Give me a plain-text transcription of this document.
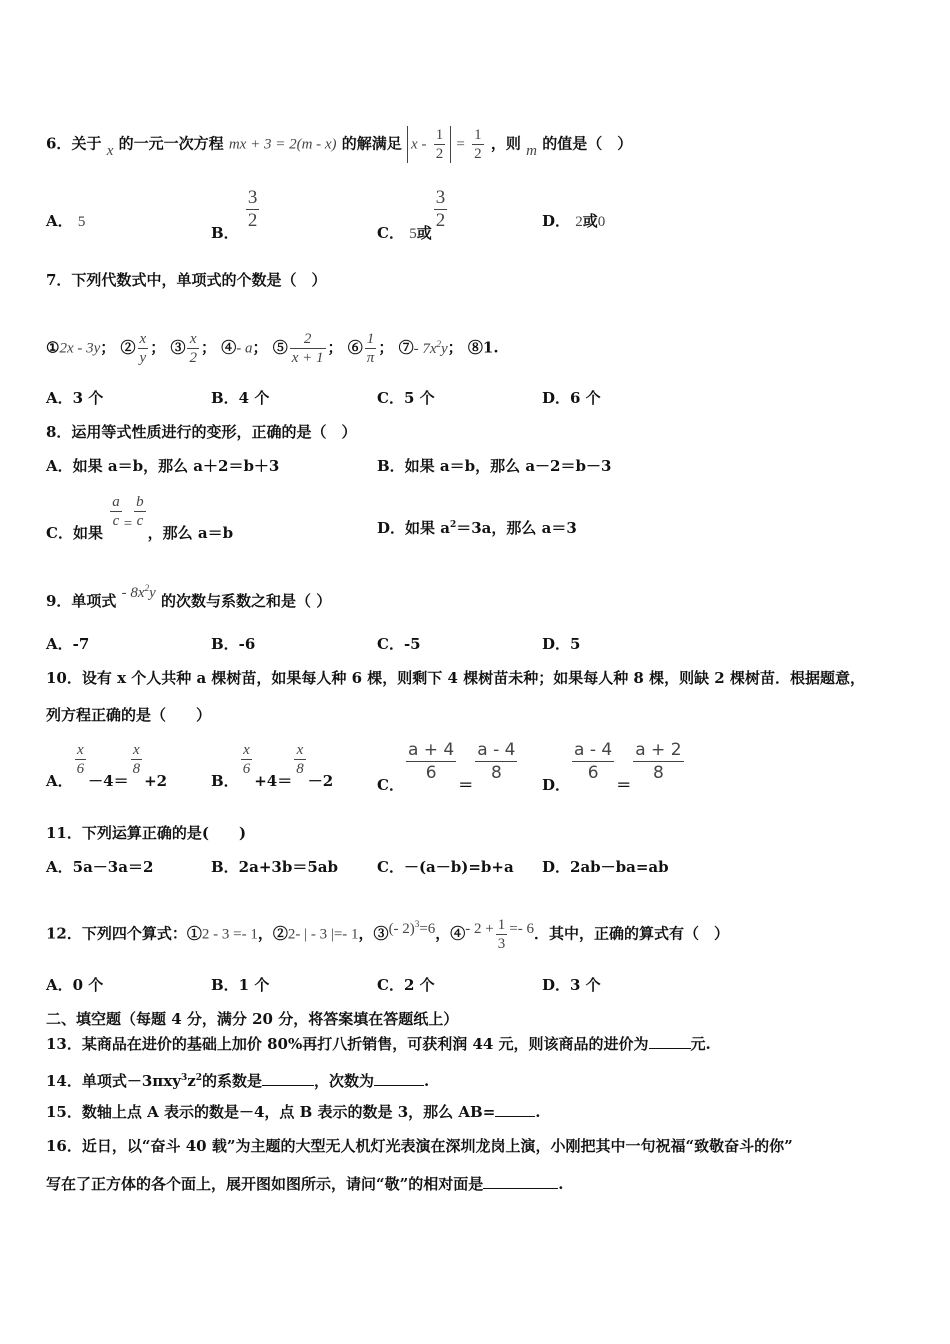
6．关于 x 的一元一次方程 mx + 3 = 2(m - x) 的解满足 $x - \frac{1}{2} = \frac{1}{2}$ ，则 m 的值是（　）
A． 5
B．
$\frac{3}{2}$
C． 5或
$\frac{3}{2}$	D． 2或0
7．下列代数式中，单项式的个数是（　）
①2x - 3y； ② $\frac{x}{y}$ ； ③ $\frac{x}{2}$ ； ④- a； ⑤ $\frac{2}{x + 1}$ ； ⑥ $\frac{1}{\pi}$ ； ⑦- $7x^2y$； ⑧1.
A．3 个	B．4 个	C．5 个	D．6 个
8．运用等式性质进行的变形，正确的是（　）
A．如果 a＝b，那么 a＋2＝b＋3	B．如果 a＝b，那么 a－2＝b－3
C．如果
$\frac{a}{c} = \frac{b}{c}$
，那么 a＝b	D．如果 $a^2=3a$，那么 a＝3
9．单项式 - $8x^2y$ 的次数与系数之和是（ ）
A．-7	B．-6	C．-5	D．5
10．设有 x 个人共种 a 棵树苗，如果每人种 6 棵，则剩下 4 棵树苗未种；如果每人种 8 棵，则缺 2 棵树苗．根据题意，
列方程正确的是（　　）
A．
$\frac{x}{6}$
－4＝
$\frac{x}{8}$
+2	B．
$\frac{x}{6}$
+4＝
$\frac{x}{8}$
－2	C．
$\frac{a + 4}{6}$
＝
$\frac{a - 4}{8}$
D．
$\frac{a - 4}{6}$
＝
$\frac{a + 2}{8}$
11．下列运算正确的是(　　)
A．5a－3a＝2	B．2a+3b＝5ab	C．－(a－b)=b+a D．2ab－ba=ab
12．下列四个算式：①2 - 3 =- 1，②2- | - 3 |=- 1，③(- 2)$^3$=6，④- $2 + \frac{1}{3} =- 6$．其中，正确的算式有（　）
A．0 个	B．1 个	C．2 个	D．3 个
二、填空题（每题 4 分，满分 20 分，将答案填在答题纸上）
13．某商品在进价的基础上加价 80%再打八折销售，可获利润 44 元，则该商品的进价为	元.
14．单项式$-3\pi xy^3z^2$的系数是	，次数为	.
15．数轴上点 A 表示的数是－4，点 B 表示的数是 3，那么 AB=	.
16．近日，以“奋斗 40 载”为主题的大型无人机灯光表演在深圳龙岗上演，小刚把其中一句祝福“致敬奋斗的你”
写在了正方体的各个面上，展开图如图所示，请问“敬”的相对面是	.
